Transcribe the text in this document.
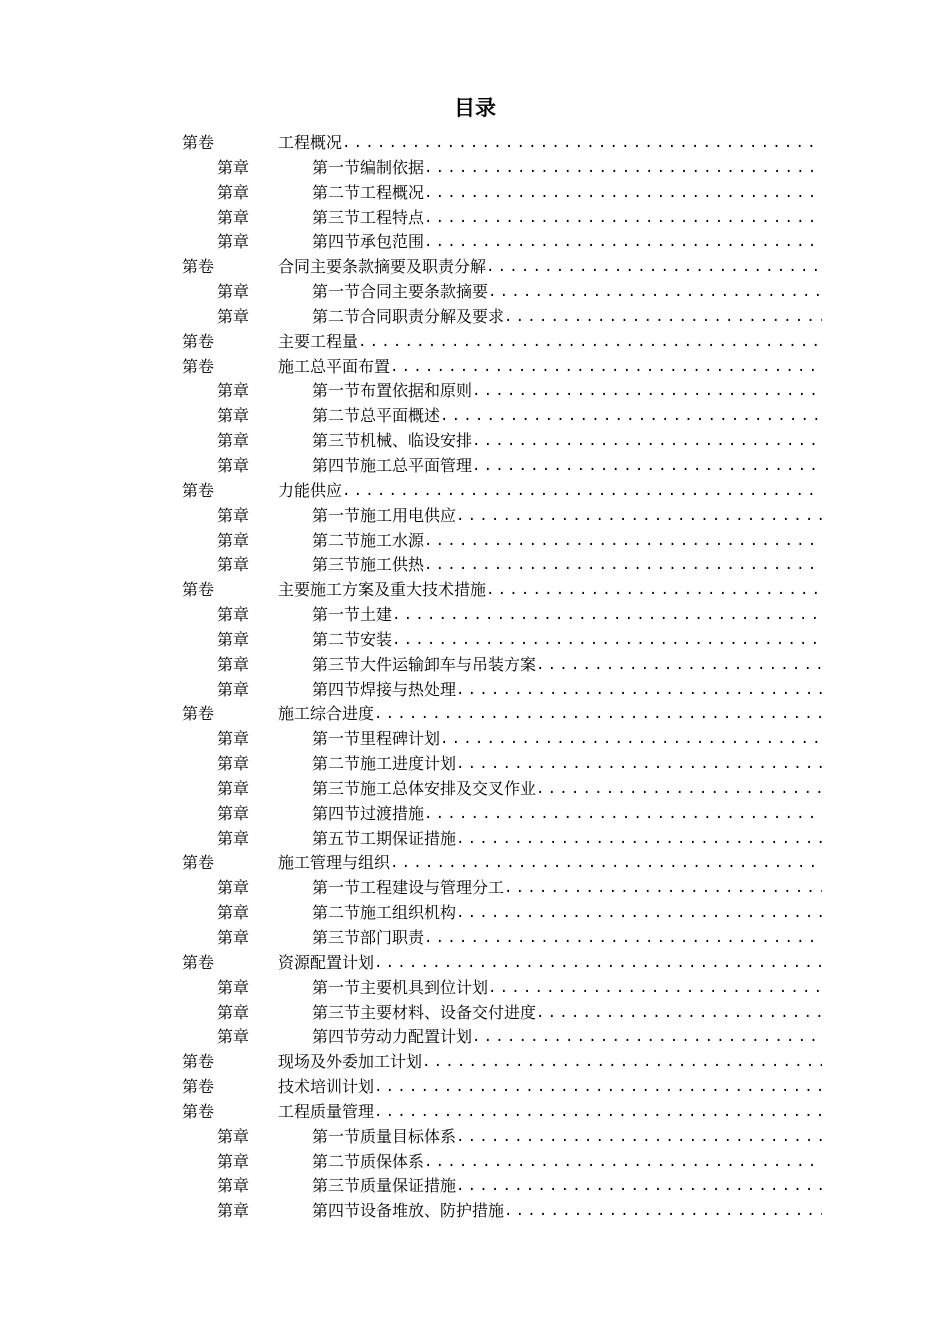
目录
第卷	工程概况
.....
第章	第一节编制依据
.....
第章	第二节工程概况
.....
第章	第三节工程特点
.....
第章	第四节承包范围
.....
第卷	合同主要条款摘要及职责分解
.....
第章	第一节合同主要条款摘要
.....
第章	第二节合同职责分解及要求
.....
第卷	主要工程量
.....
第卷	施工总平面布置
.....
第章	第一节布置依据和原则
.....
第章	第二节总平面概述
.....
第章	第三节机械、临设安排
.....
第章	第四节施工总平面管理
.....
第卷	力能供应
.....
第章	第一节施工用电供应
.....
第章	第二节施工水源
.....
第章	第三节施工供热
.....
第卷	主要施工方案及重大技术措施
.....
第章	第一节土建
.....
第章	第二节安装
.....
第章	第三节大件运输卸车与吊装方案
.....
第章	第四节焊接与热处理
.....
第卷	施工综合进度
.....
第章	第一节里程碑计划
.....
第章	第二节施工进度计划
.....
第章	第三节施工总体安排及交叉作业
.....
第章	第四节过渡措施
.....
第章	第五节工期保证措施
.....
第卷	施工管理与组织
.....
第章	第一节工程建设与管理分工
.....
第章	第二节施工组织机构
.....
第章	第三节部门职责
.....
第卷	资源配置计划
.....
第章	第一节主要机具到位计划
.....
第章	第三节主要材料、设备交付进度
.....
第章	第四节劳动力配置计划
.....
第卷	现场及外委加工计划
.....
第卷	技术培训计划
.....
第卷	工程质量管理
.....
第章	第一节质量目标体系
.....
第章	第二节质保体系
.....
第章	第三节质量保证措施
.....
第章	第四节设备堆放、防护措施
.....
